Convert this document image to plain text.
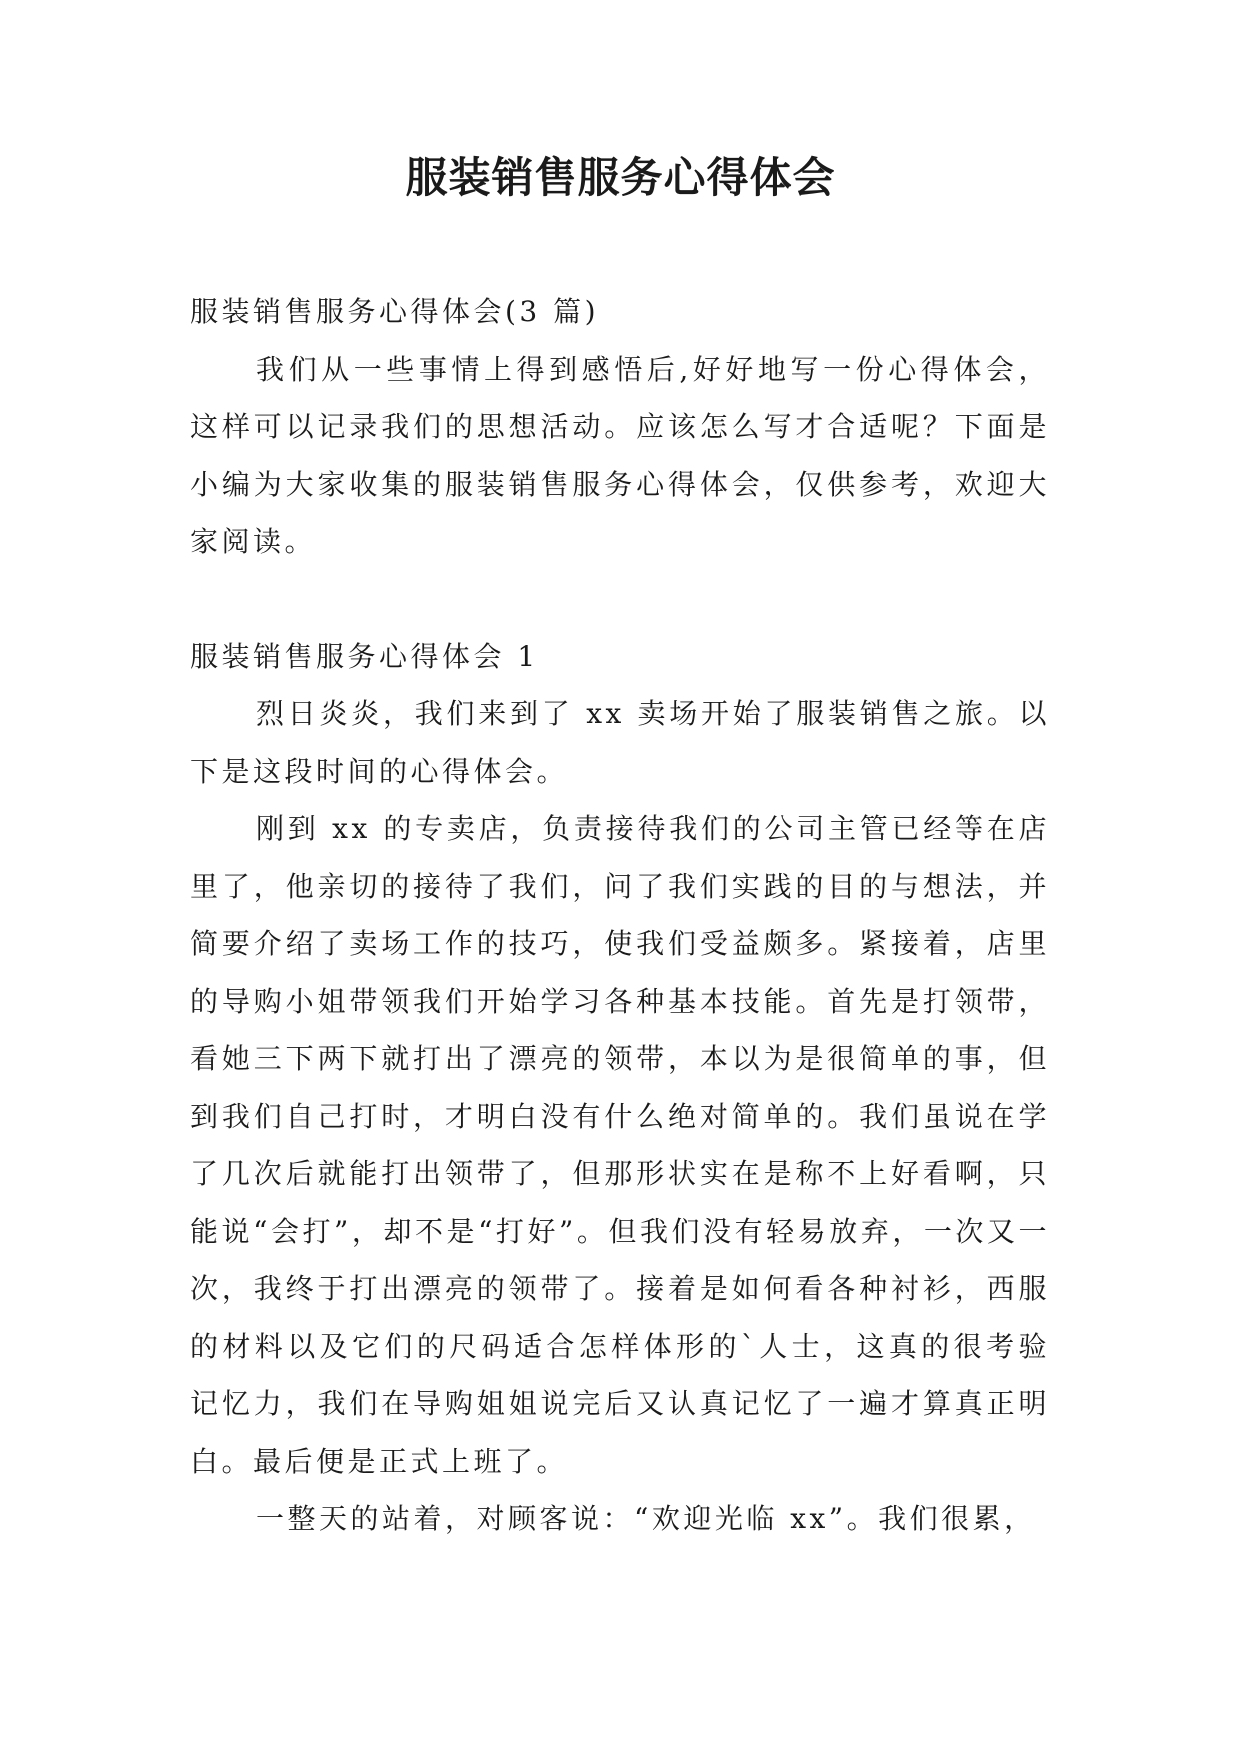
服装销售服务心得体会

服装销售服务心得体会(3 篇)

我们从一些事情上得到感悟后,好好地写一份心得体会，这样可以记录我们的思想活动。应该怎么写才合适呢？下面是小编为大家收集的服装销售服务心得体会，仅供参考，欢迎大家阅读。

服装销售服务心得体会 1

烈日炎炎，我们来到了 xx 卖场开始了服装销售之旅。以下是这段时间的心得体会。

刚到 xx 的专卖店，负责接待我们的公司主管已经等在店里了，他亲切的接待了我们，问了我们实践的目的与想法，并简要介绍了卖场工作的技巧，使我们受益颇多。紧接着，店里的导购小姐带领我们开始学习各种基本技能。首先是打领带，看她三下两下就打出了漂亮的领带，本以为是很简单的事，但到我们自己打时，才明白没有什么绝对简单的。我们虽说在学了几次后就能打出领带了，但那形状实在是称不上好看啊，只能说“会打”，却不是“打好”。但我们没有轻易放弃，一次又一次，我终于打出漂亮的领带了。接着是如何看各种衬衫，西服的材料以及它们的尺码适合怎样体形的`人士，这真的很考验记忆力，我们在导购姐姐说完后又认真记忆了一遍才算真正明白。最后便是正式上班了。

一整天的站着，对顾客说：“欢迎光临 xx”。我们很累，
